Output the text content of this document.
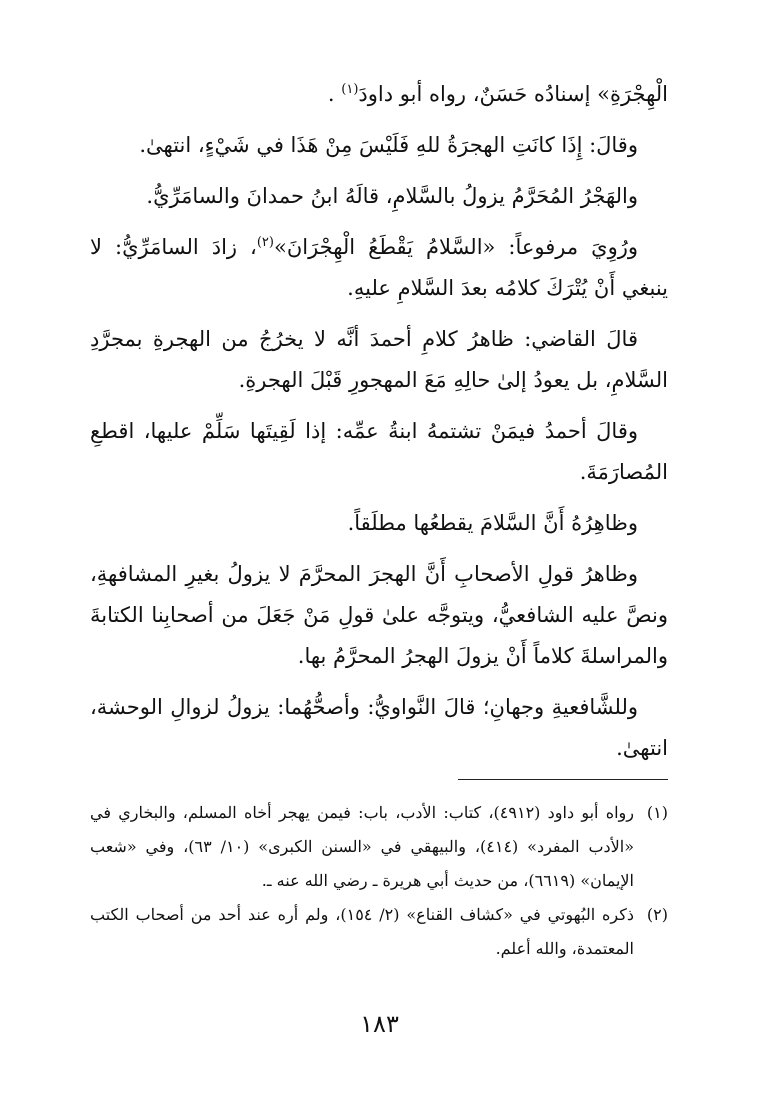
الْهِجْرَةِ» إسنادُه حَسَنٌ، رواه أبو داودَ$^{(١)}$ .

وقالَ: إِذَا كانَتِ الهجرَةُ للهِ فَلَيْسَ مِنْ هَذَا في شَيْءٍ، انتهىٰ.

والهَجْرُ المُحَرَّمُ يزولُ بالسَّلامِ، قالَهُ ابنُ حمدانَ والسامَرِّيُّ.

ورُوِيَ مرفوعاً: «السَّلامُ يَقْطَعُ الْهِجْرَانَ»$^{(٢)}$، زادَ السامَرِّيُّ: لا ينبغي أَنْ يُتْرَكَ كلامُه بعدَ السَّلامِ عليهِ.

قالَ القاضي: ظاهرُ كلامِ أحمدَ أنَّه لا يخرُجُ من الهجرةِ بمجرَّدِ السَّلامِ، بل يعودُ إلىٰ حالِهِ مَعَ المهجورِ قَبْلَ الهجرةِ.

وقالَ أحمدُ فيمَنْ تشتمهُ ابنةُ عمِّه: إذا لَقِيتَها سَلِّمْ عليها، اقطعِ المُصارَمَةَ.

وظاهِرُهُ أَنَّ السَّلامَ يقطعُها مطلَقاً.

وظاهرُ قولِ الأصحابِ أَنَّ الهجرَ المحرَّمَ لا يزولُ بغيرِ المشافهةِ، ونصَّ عليه الشافعيُّ، ويتوجَّه علىٰ قولِ مَنْ جَعَلَ من أصحابِنا الكتابةَ والمراسلةَ كلاماً أَنْ يزولَ الهجرُ المحرَّمُ بها.

وللشَّافعيةِ وجهانِ؛ قالَ النَّواويُّ: وأصحُّهُما: يزولُ لزوالِ الوحشة، انتهىٰ.

(١)
رواه أبو داود (٤٩١٢)، كتاب: الأدب، باب: فيمن يهجر أخاه المسلم، والبخاري في «الأدب المفرد» (٤١٤)، والبيهقي في «السنن الكبرى» (١٠/ ٦٣)، وفي «شعب الإيمان» (٦٦١٩)، من حديث أبي هريرة ـ رضي الله عنه ـ.
(٢)
ذكره البُهوتي في «كشاف القناع» (٢/ ١٥٤)، ولم أره عند أحد من أصحاب الكتب المعتمدة، والله أعلم.
١٨٣
